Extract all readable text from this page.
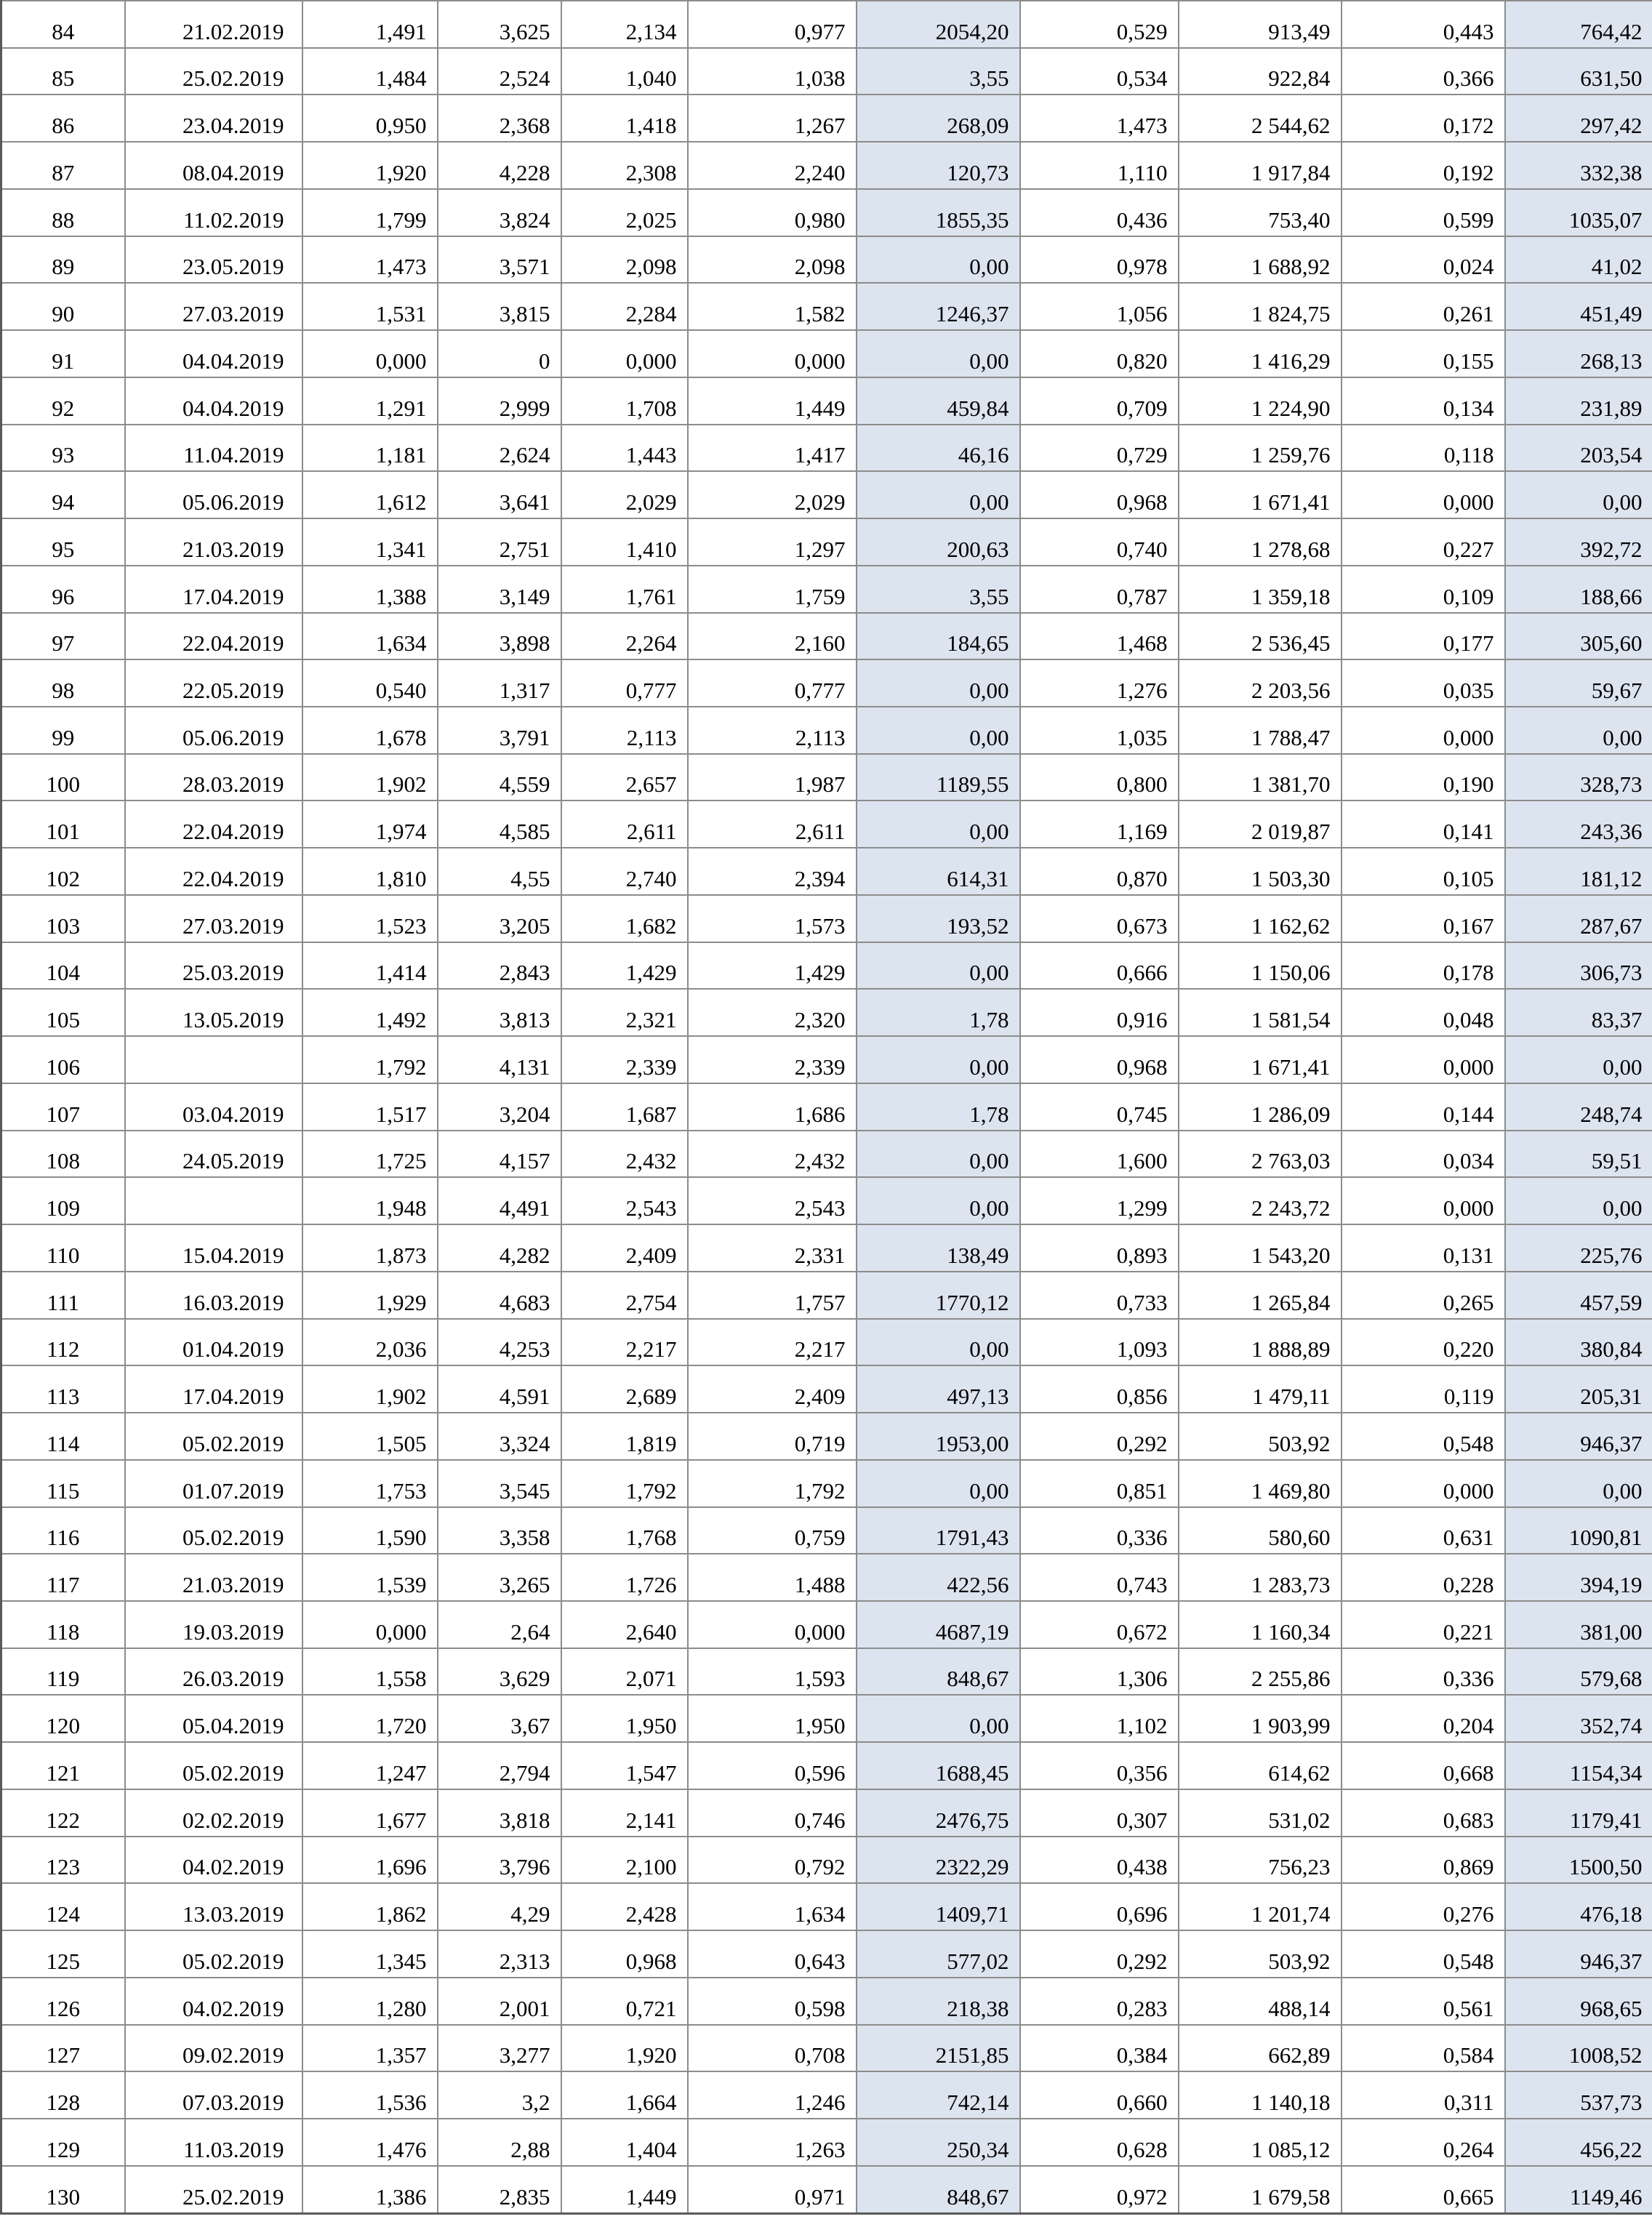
84	21.02.2019	1,491	3,625	2,134	0,977	2054,20	0,529	913,49	0,443	764,42
85	25.02.2019	1,484	2,524	1,040	1,038	3,55	0,534	922,84	0,366	631,50
86	23.04.2019	0,950	2,368	1,418	1,267	268,09	1,473	2 544,62	0,172	297,42
87	08.04.2019	1,920	4,228	2,308	2,240	120,73	1,110	1 917,84	0,192	332,38
88	11.02.2019	1,799	3,824	2,025	0,980	1855,35	0,436	753,40	0,599	1035,07
89	23.05.2019	1,473	3,571	2,098	2,098	0,00	0,978	1 688,92	0,024	41,02
90	27.03.2019	1,531	3,815	2,284	1,582	1246,37	1,056	1 824,75	0,261	451,49
91	04.04.2019	0,000	0	0,000	0,000	0,00	0,820	1 416,29	0,155	268,13
92	04.04.2019	1,291	2,999	1,708	1,449	459,84	0,709	1 224,90	0,134	231,89
93	11.04.2019	1,181	2,624	1,443	1,417	46,16	0,729	1 259,76	0,118	203,54
94	05.06.2019	1,612	3,641	2,029	2,029	0,00	0,968	1 671,41	0,000	0,00
95	21.03.2019	1,341	2,751	1,410	1,297	200,63	0,740	1 278,68	0,227	392,72
96	17.04.2019	1,388	3,149	1,761	1,759	3,55	0,787	1 359,18	0,109	188,66
97	22.04.2019	1,634	3,898	2,264	2,160	184,65	1,468	2 536,45	0,177	305,60
98	22.05.2019	0,540	1,317	0,777	0,777	0,00	1,276	2 203,56	0,035	59,67
99	05.06.2019	1,678	3,791	2,113	2,113	0,00	1,035	1 788,47	0,000	0,00
100	28.03.2019	1,902	4,559	2,657	1,987	1189,55	0,800	1 381,70	0,190	328,73
101	22.04.2019	1,974	4,585	2,611	2,611	0,00	1,169	2 019,87	0,141	243,36
102	22.04.2019	1,810	4,55	2,740	2,394	614,31	0,870	1 503,30	0,105	181,12
103	27.03.2019	1,523	3,205	1,682	1,573	193,52	0,673	1 162,62	0,167	287,67
104	25.03.2019	1,414	2,843	1,429	1,429	0,00	0,666	1 150,06	0,178	306,73
105	13.05.2019	1,492	3,813	2,321	2,320	1,78	0,916	1 581,54	0,048	83,37
106		1,792	4,131	2,339	2,339	0,00	0,968	1 671,41	0,000	0,00
107	03.04.2019	1,517	3,204	1,687	1,686	1,78	0,745	1 286,09	0,144	248,74
108	24.05.2019	1,725	4,157	2,432	2,432	0,00	1,600	2 763,03	0,034	59,51
109		1,948	4,491	2,543	2,543	0,00	1,299	2 243,72	0,000	0,00
110	15.04.2019	1,873	4,282	2,409	2,331	138,49	0,893	1 543,20	0,131	225,76
111	16.03.2019	1,929	4,683	2,754	1,757	1770,12	0,733	1 265,84	0,265	457,59
112	01.04.2019	2,036	4,253	2,217	2,217	0,00	1,093	1 888,89	0,220	380,84
113	17.04.2019	1,902	4,591	2,689	2,409	497,13	0,856	1 479,11	0,119	205,31
114	05.02.2019	1,505	3,324	1,819	0,719	1953,00	0,292	503,92	0,548	946,37
115	01.07.2019	1,753	3,545	1,792	1,792	0,00	0,851	1 469,80	0,000	0,00
116	05.02.2019	1,590	3,358	1,768	0,759	1791,43	0,336	580,60	0,631	1090,81
117	21.03.2019	1,539	3,265	1,726	1,488	422,56	0,743	1 283,73	0,228	394,19
118	19.03.2019	0,000	2,64	2,640	0,000	4687,19	0,672	1 160,34	0,221	381,00
119	26.03.2019	1,558	3,629	2,071	1,593	848,67	1,306	2 255,86	0,336	579,68
120	05.04.2019	1,720	3,67	1,950	1,950	0,00	1,102	1 903,99	0,204	352,74
121	05.02.2019	1,247	2,794	1,547	0,596	1688,45	0,356	614,62	0,668	1154,34
122	02.02.2019	1,677	3,818	2,141	0,746	2476,75	0,307	531,02	0,683	1179,41
123	04.02.2019	1,696	3,796	2,100	0,792	2322,29	0,438	756,23	0,869	1500,50
124	13.03.2019	1,862	4,29	2,428	1,634	1409,71	0,696	1 201,74	0,276	476,18
125	05.02.2019	1,345	2,313	0,968	0,643	577,02	0,292	503,92	0,548	946,37
126	04.02.2019	1,280	2,001	0,721	0,598	218,38	0,283	488,14	0,561	968,65
127	09.02.2019	1,357	3,277	1,920	0,708	2151,85	0,384	662,89	0,584	1008,52
128	07.03.2019	1,536	3,2	1,664	1,246	742,14	0,660	1 140,18	0,311	537,73
129	11.03.2019	1,476	2,88	1,404	1,263	250,34	0,628	1 085,12	0,264	456,22
130	25.02.2019	1,386	2,835	1,449	0,971	848,67	0,972	1 679,58	0,665	1149,46
